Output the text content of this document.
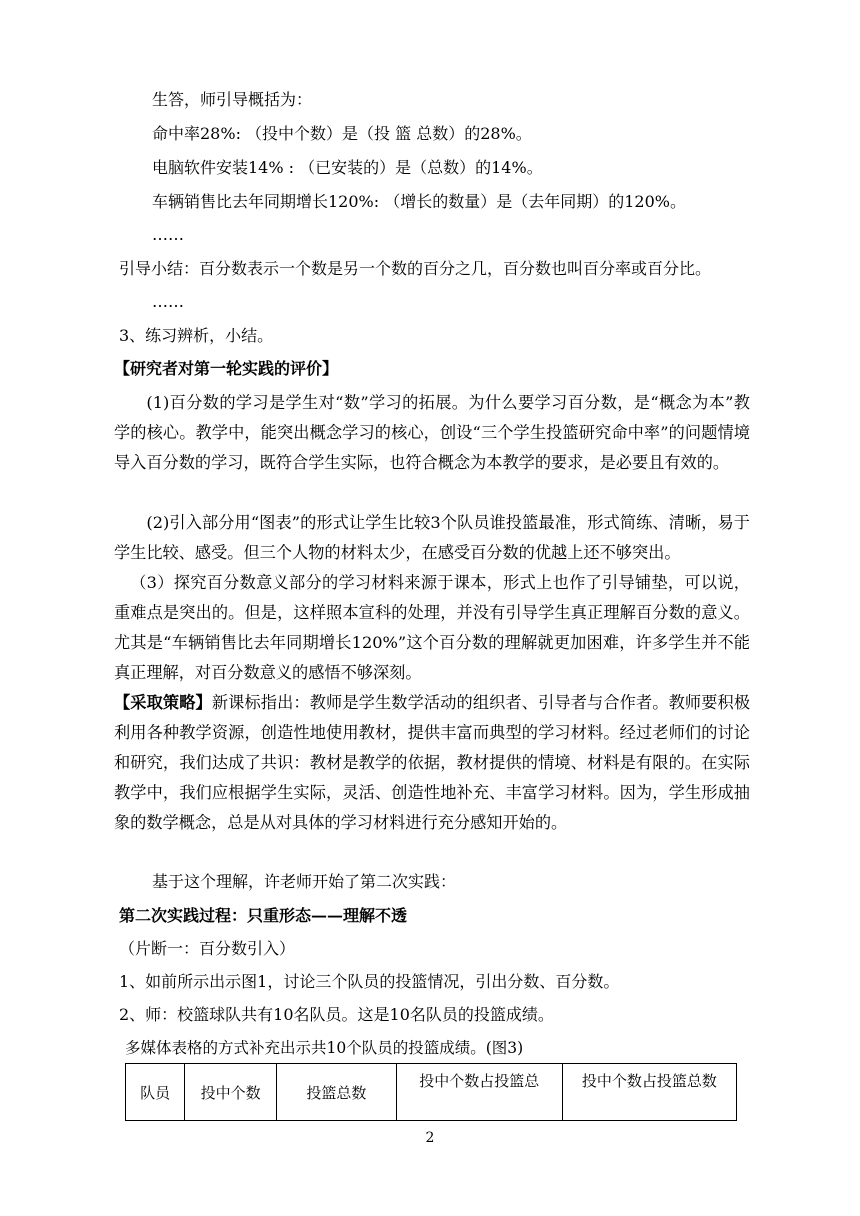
生答，师引导概括为：
命中率28%: （投中个数）是（投 篮 总数）的28%。
电脑软件安装14% : （已安装的）是（总数）的14%。
车辆销售比去年同期增长120%: （增长的数量）是（去年同期）的120%。
……
引导小结：百分数表示一个数是另一个数的百分之几，百分数也叫百分率或百分比。
……
3、练习辨析，小结。
【研究者对第一轮实践的评价】

(1)百分数的学习是学生对“数”学习的拓展。为什么要学习百分数，是“概念为本”教学的核心。教学中，能突出概念学习的核心，创设“三个学生投篮研究命中率”的问题情境导入百分数的学习，既符合学生实际，也符合概念为本教学的要求，是必要且有效的。

(2)引入部分用“图表”的形式让学生比较3个队员谁投篮最准，形式简练、清晰，易于学生比较、感受。但三个人物的材料太少，在感受百分数的优越上还不够突出。

（3）探究百分数意义部分的学习材料来源于课本，形式上也作了引导铺垫，可以说，重难点是突出的。但是，这样照本宣科的处理，并没有引导学生真正理解百分数的意义。尤其是“车辆销售比去年同期增长120%”这个百分数的理解就更加困难，许多学生并不能真正理解，对百分数意义的感悟不够深刻。

【采取策略】新课标指出：教师是学生数学活动的组织者、引导者与合作者。教师要积极利用各种教学资源，创造性地使用教材，提供丰富而典型的学习材料。经过老师们的讨论和研究，我们达成了共识：教材是教学的依据，教材提供的情境、材料是有限的。在实际教学中，我们应根据学生实际，灵活、创造性地补充、丰富学习材料。因为，学生形成抽象的数学概念，总是从对具体的学习材料进行充分感知开始的。

基于这个理解，许老师开始了第二次实践：
第二次实践过程：只重形态——理解不透
（片断一：百分数引入）
1、如前所示出示图1，讨论三个队员的投篮情况，引出分数、百分数。
2、师：校篮球队共有10名队员。这是10名队员的投篮成绩。
多媒体表格的方式补充出示共10个队员的投篮成绩。(图3)
队员	投中个数	投篮总数	投中个数占投篮总	投中个数占投篮总数
2
